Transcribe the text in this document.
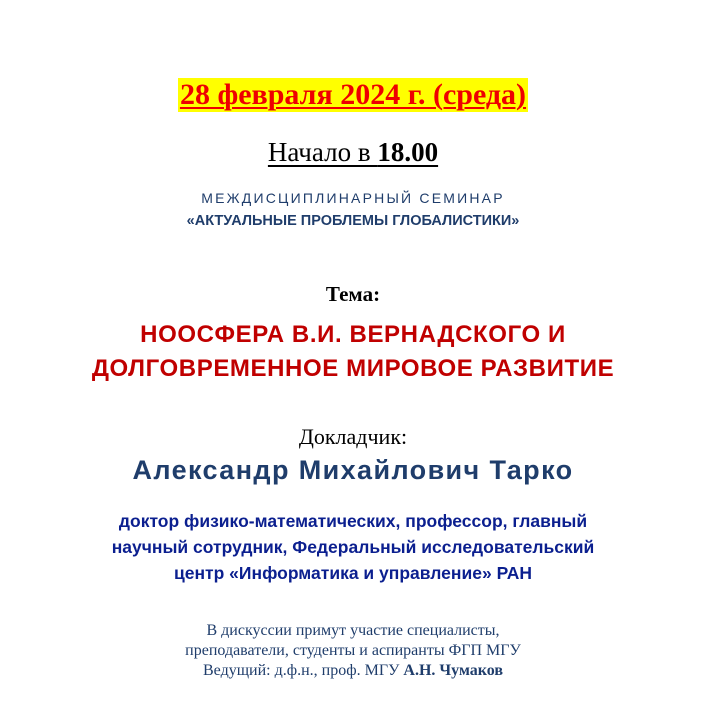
28 февраля 2024 г. (среда)
Начало в 18.00
МЕЖДИСЦИПЛИНАРНЫЙ СЕМИНАР
«АКТУАЛЬНЫЕ ПРОБЛЕМЫ ГЛОБАЛИСТИКИ»
Тема:
НООСФЕРА В.И. ВЕРНАДСКОГО И
ДОЛГОВРЕМЕННОЕ МИРОВОЕ РАЗВИТИЕ
Докладчик:
Александр Михайлович Тарко
доктор физико-математических, профессор, главный
научный сотрудник, Федеральный исследовательский
центр «Информатика и управление» РАН
В дискуссии примут участие специалисты,
преподаватели, студенты и аспиранты ФГП МГУ
Ведущий: д.ф.н., проф. МГУ А.Н. Чумаков
